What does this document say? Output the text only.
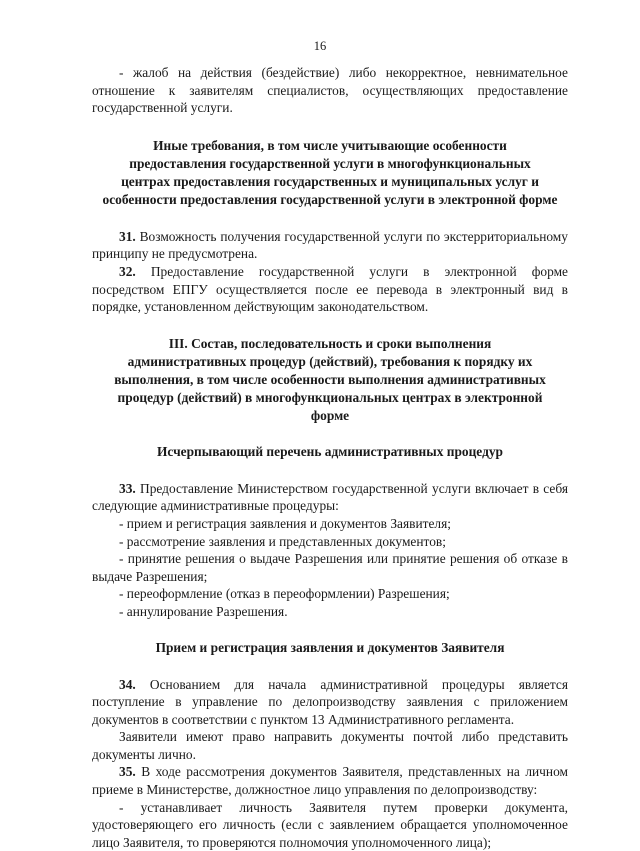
16

- жалоб на действия (бездействие) либо некорректное, невнимательное отношение к заявителям специалистов, осуществляющих предоставление государственной услуги.

Иные требования, в том числе учитывающие особенности

предоставления государственной услуги в многофункциональных

центрах предоставления государственных и муниципальных услуг и

особенности предоставления государственной услуги в электронной форме

31. Возможность получения государственной услуги по экстерриториальному принципу не предусмотрена.

32. Предоставление государственной услуги в электронной форме посредством ЕПГУ осуществляется после ее перевода в электронный вид в порядке, установленном действующим законодательством.

III. Состав, последовательность и сроки выполнения

административных процедур (действий), требования к порядку их

выполнения, в том числе особенности выполнения административных

процедур (действий) в многофункциональных центрах в электронной

форме

Исчерпывающий перечень административных процедур

33. Предоставление Министерством государственной услуги включает в себя следующие административные процедуры:

- прием и регистрация заявления и документов Заявителя;

- рассмотрение заявления и представленных документов;

- принятие решения о выдаче Разрешения или принятие решения об отказе в выдаче Разрешения;

- переоформление (отказ в переоформлении) Разрешения;

- аннулирование Разрешения.

Прием и регистрация заявления и документов Заявителя

34. Основанием для начала административной процедуры является поступление в управление по делопроизводству заявления с приложением документов в соответствии с пунктом 13 Административного регламента.

Заявители имеют право направить документы почтой либо представить документы лично.

35. В ходе рассмотрения документов Заявителя, представленных на личном приеме в Министерстве, должностное лицо управления по делопроизводству:

- устанавливает личность Заявителя путем проверки документа, удостоверяющего его личность (если с заявлением обращается уполномоченное лицо Заявителя, то проверяются полномочия уполномоченного лица);
